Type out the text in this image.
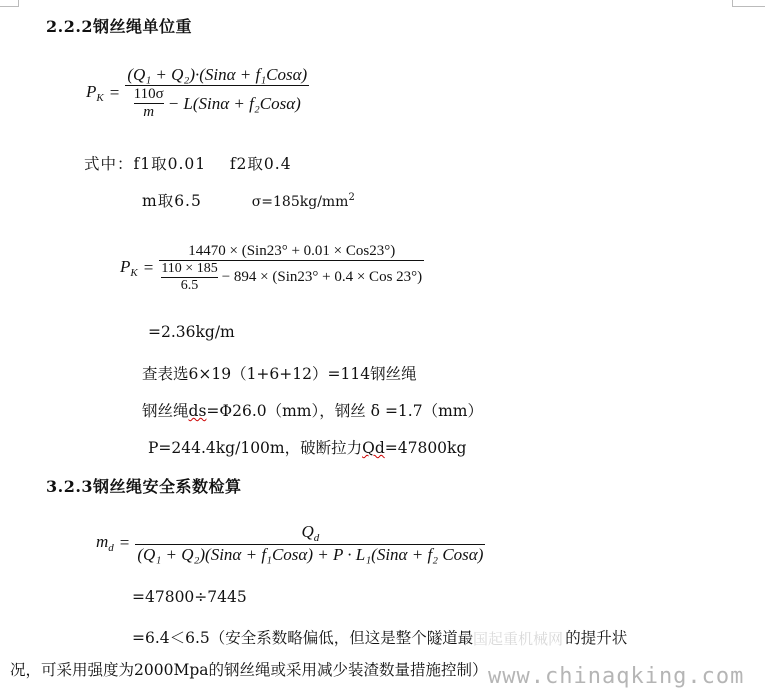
2.2.2钢丝绳单位重
$P_K = \frac{\text{(Q₁ + Q₂)·(Sinα + f₁Cosα)}}{\frac{110\sigma}{m} - L(Sin\alpha + f_2Cos\alpha)}$
式中：f1取0.01    f2取0.4
m取6.5	$\sigma=185kg/mm^2$
$P_K$ =
14470 × (Sin23° + 0.01 × Cos23°)
$\frac{110 \times 185}{6.5} - 894 \times (Sin23^\circ + 0.4$ × Cos 23°)
=2.36kg/m
查表选6×19（1+6+12）=114钢丝绳
钢丝绳ds=Φ26.0（mm），钢丝 δ =1.7（mm）
P=244.4kg/100m，破断拉力Qd=47800kg
3.2.3钢丝绳安全系数检算
$m_d = \frac{Q_d}{\text{(Q₁ + Q₂)(Sinα + f₁Cosα) + P · L₁(Sinα + f₂ Cosα)}}$
=47800÷7445
=6.4＜6.5（安全系数略偏低，但这是整个隧道最	的提升状
况，可采用强度为2000Mpa的钢丝绳或采用减少装渣数量措施控制）
中国起重机械网
www.chinaqking.com
